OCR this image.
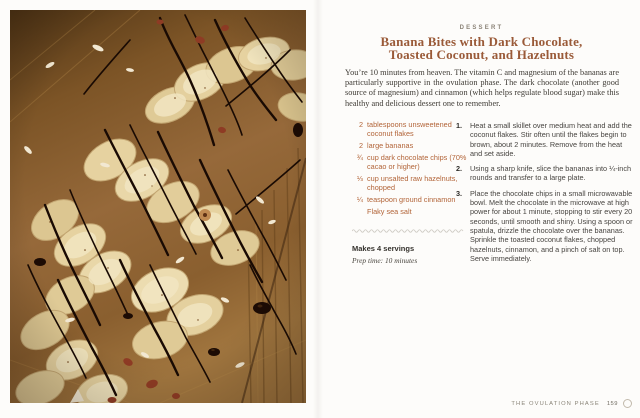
DESSERT
Banana Bites with Dark Chocolate,
Toasted Coconut, and Hazelnuts
You’re 10 minutes from heaven. The vitamin C and magnesium of the bananas are particularly supportive in the ovulation phase. The dark chocolate (another good source of magnesium) and cinnamon (which helps regulate blood sugar) make this healthy and delicious dessert one to remember.
2 tablespoons unsweetened coconut flakes
2 large bananas
¾ cup dark chocolate chips (70% cacao or higher)
⅓ cup unsalted raw hazelnuts, chopped
¼ teaspoon ground cinnamon
Flaky sea salt
Makes 4 servings
Prep time: 10 minutes
1.	Heat a small skillet over medium heat and add the coconut flakes. Stir often until the flakes begin to brown, about 2 minutes. Remove from the heat and set aside.
2.	Using a sharp knife, slice the bananas into ¼-inch rounds and transfer to a large plate.
3.	Place the chocolate chips in a small microwavable bowl. Melt the chocolate in the microwave at high power for about 1 minute, stopping to stir every 20 seconds, until smooth and shiny. Using a spoon or spatula, drizzle the chocolate over the bananas. Sprinkle the toasted coconut flakes, chopped hazelnuts, cinnamon, and a pinch of salt on top. Serve immediately.
THE OVULATION PHASE 159
